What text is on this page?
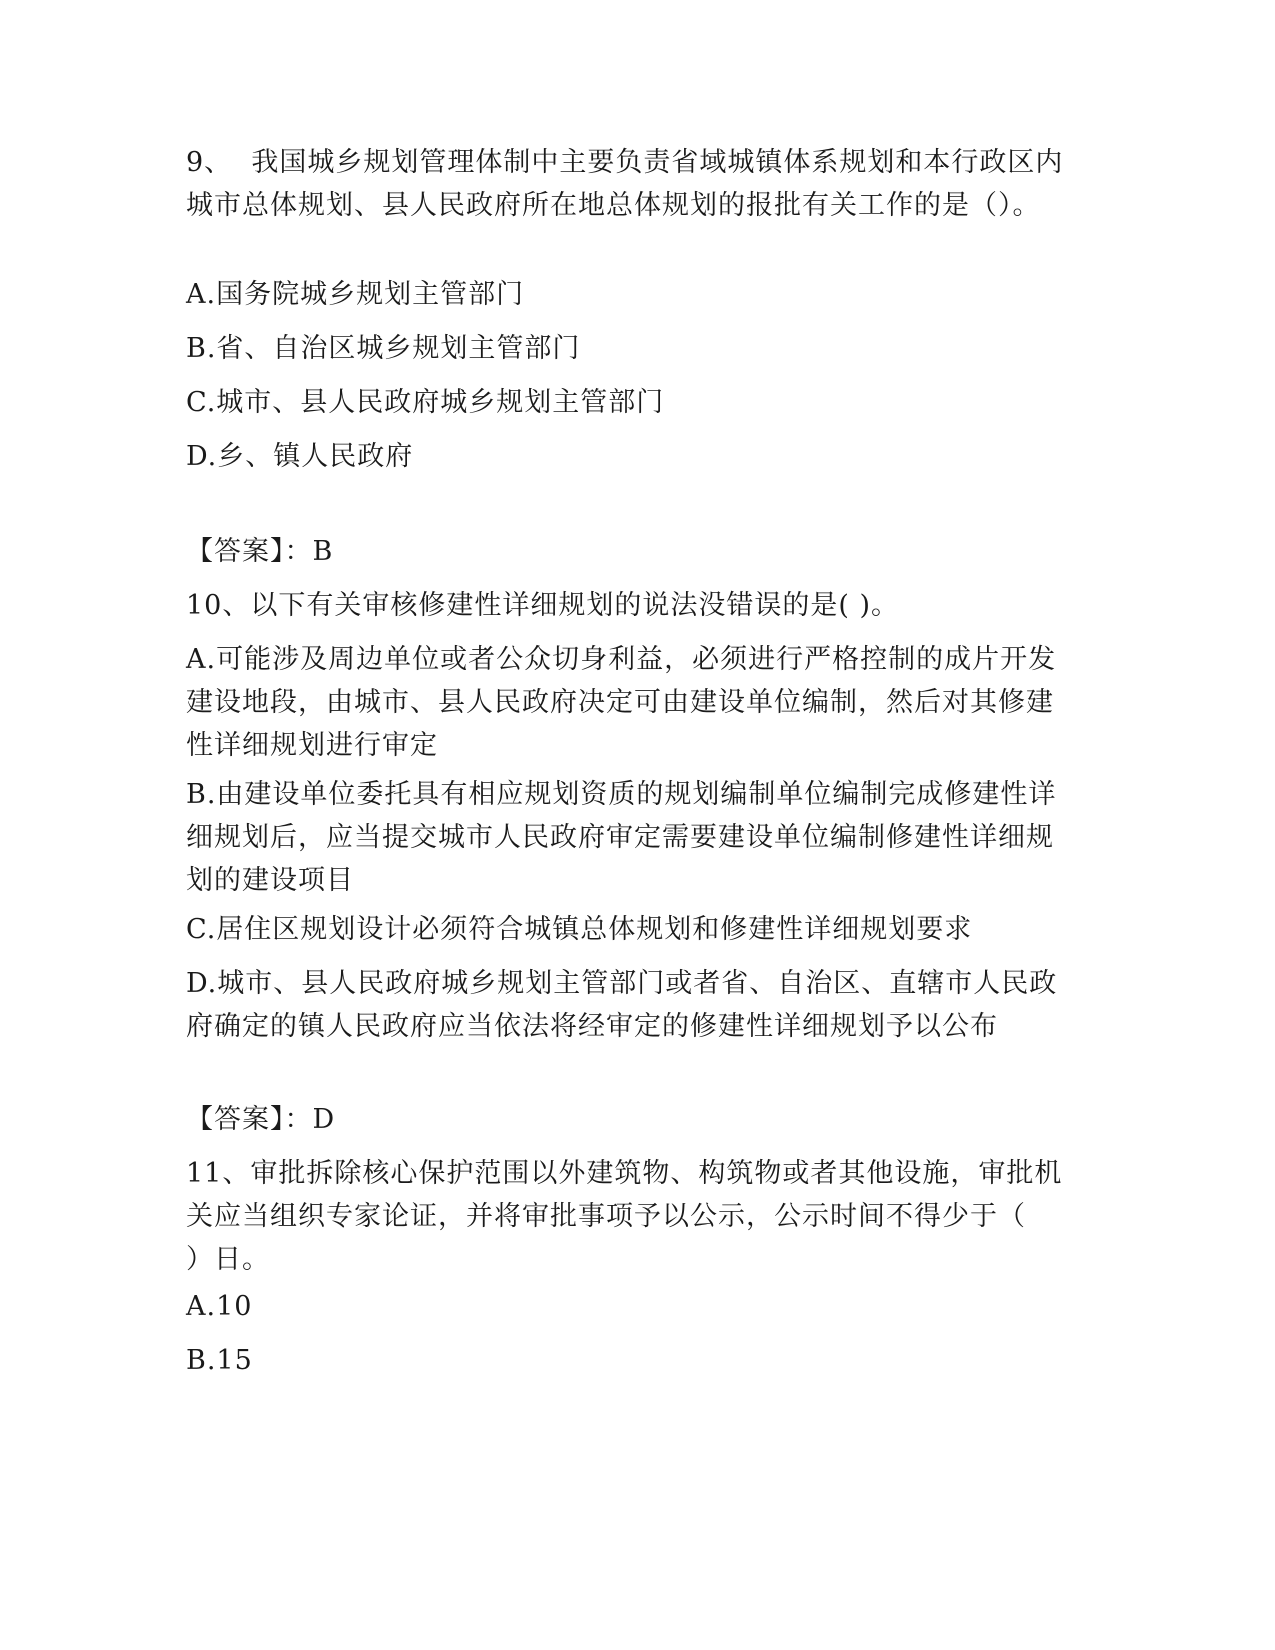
9、  我国城乡规划管理体制中主要负责省域城镇体系规划和本行政区内城市总体规划、县人民政府所在地总体规划的报批有关工作的是（）。
A.国务院城乡规划主管部门
B.省、自治区城乡规划主管部门
C.城市、县人民政府城乡规划主管部门
D.乡、镇人民政府
【答案】：B
10、以下有关审核修建性详细规划的说法没错误的是( )。
A.可能涉及周边单位或者公众切身利益，必须进行严格控制的成片开发建设地段，由城市、县人民政府决定可由建设单位编制，然后对其修建性详细规划进行审定
B.由建设单位委托具有相应规划资质的规划编制单位编制完成修建性详细规划后，应当提交城市人民政府审定需要建设单位编制修建性详细规划的建设项目
C.居住区规划设计必须符合城镇总体规划和修建性详细规划要求
D.城市、县人民政府城乡规划主管部门或者省、自治区、直辖市人民政府确定的镇人民政府应当依法将经审定的修建性详细规划予以公布
【答案】：D
11、审批拆除核心保护范围以外建筑物、构筑物或者其他设施，审批机关应当组织专家论证，并将审批事项予以公示，公示时间不得少于（   ）日。
A.10
B.15
